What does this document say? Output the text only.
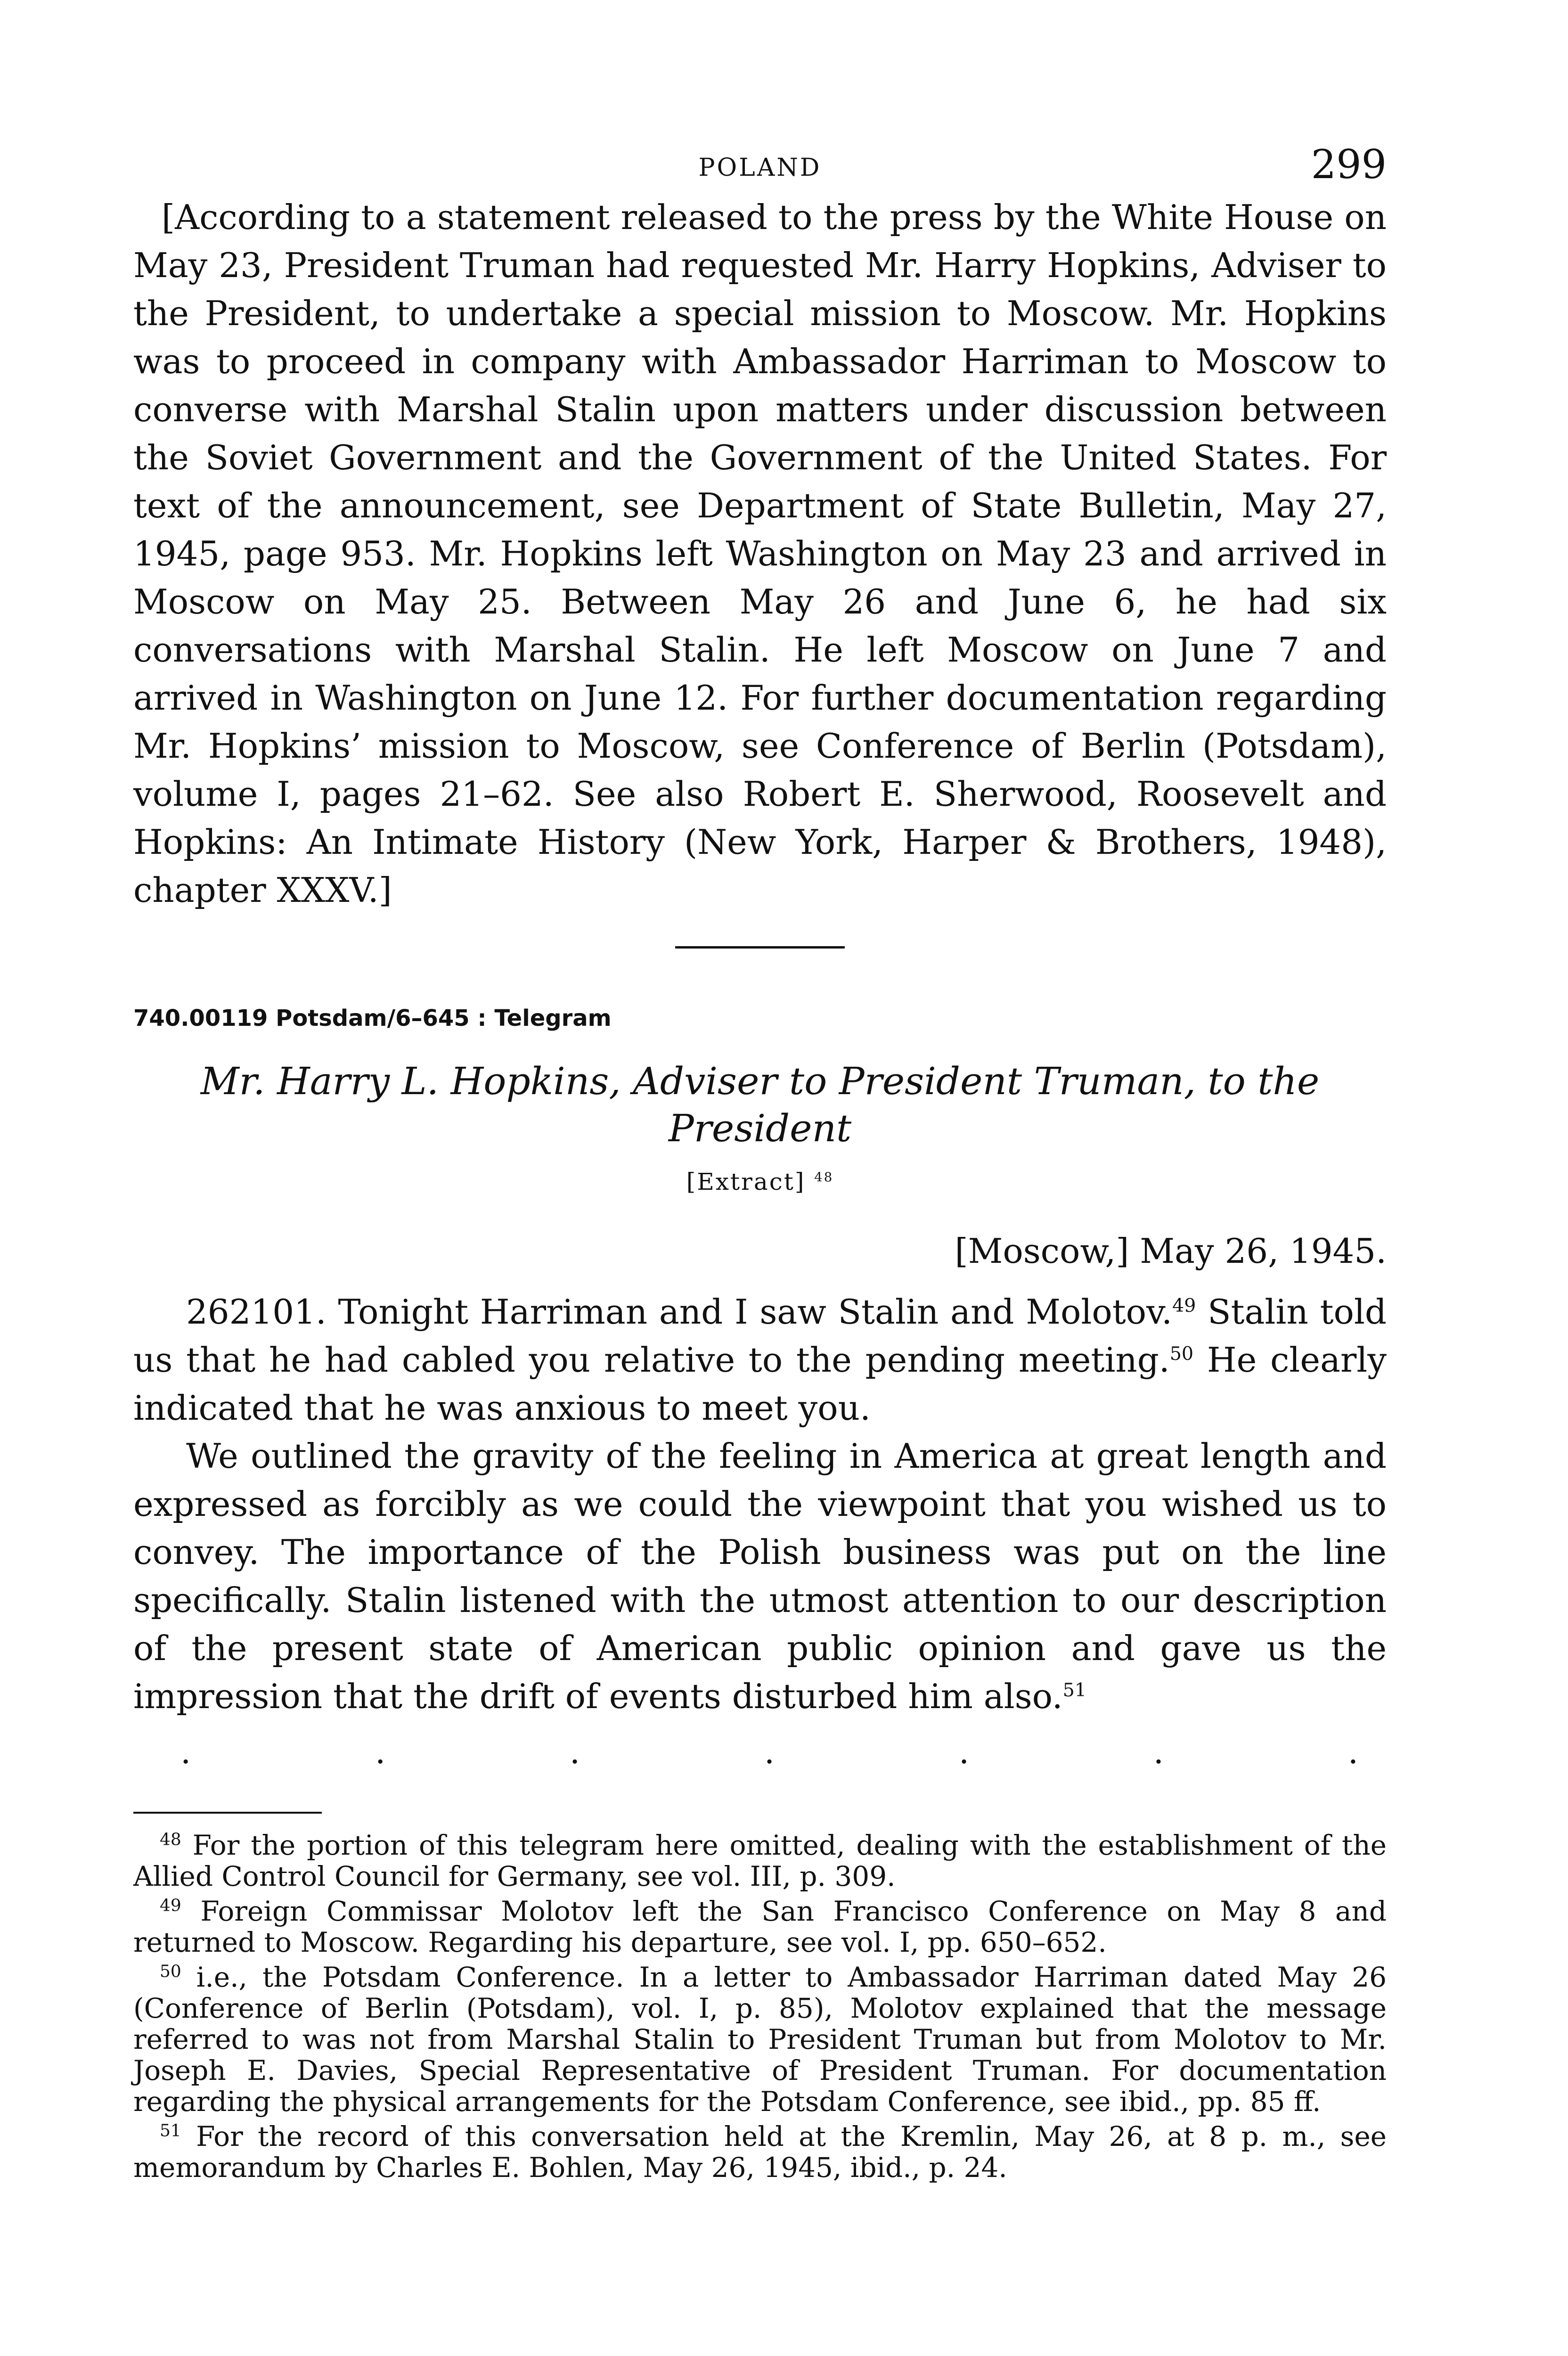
POLAND	299

[According to a statement released to the press by the White House on May 23, President Truman had requested Mr. Harry Hopkins, Adviser to the President, to undertake a special mission to Moscow. Mr. Hopkins was to proceed in company with Ambassador Harriman to Moscow to converse with Marshal Stalin upon matters under discussion between the Soviet Government and the Government of the United States. For text of the announcement, see Department of State Bulletin, May 27, 1945, page 953. Mr. Hopkins left Washington on May 23 and arrived in Moscow on May 25. Between May 26 and June 6, he had six conversations with Marshal Stalin. He left Moscow on June 7 and arrived in Washington on June 12. For further documentation regarding Mr. Hopkins’ mission to Moscow, see Conference of Berlin (Potsdam), volume I, pages 21–62. See also Robert E. Sherwood, Roosevelt and Hopkins: An Intimate History (New York, Harper & Brothers, 1948), chapter XXXV.]

740.00119 Potsdam/6–645 : Telegram

Mr. Harry L. Hopkins, Adviser to President Truman, to the President

[Extract] $^{48}$

[Moscow,] May 26, 1945.

262101. Tonight Harriman and I saw Stalin and Molotov.$^{49}$ Stalin told us that he had cabled you relative to the pending meeting.$^{50}$ He clearly indicated that he was anxious to meet you.

We outlined the gravity of the feeling in America at great length and expressed as forcibly as we could the viewpoint that you wished us to convey. The importance of the Polish business was put on the line specifically. Stalin listened with the utmost attention to our description of the present state of American public opinion and gave us the impression that the drift of events disturbed him also.$^{51}$

.	.	.	.	.	.	.

$^{48}$ For the portion of this telegram here omitted, dealing with the establishment of the Allied Control Council for Germany, see vol. III, p. 309.

$^{49}$ Foreign Commissar Molotov left the San Francisco Conference on May 8 and returned to Moscow. Regarding his departure, see vol. I, pp. 650–652.

$^{50}$ i.e., the Potsdam Conference. In a letter to Ambassador Harriman dated May 26 (Conference of Berlin (Potsdam), vol. I, p. 85), Molotov explained that the message referred to was not from Marshal Stalin to President Truman but from Molotov to Mr. Joseph E. Davies, Special Representative of President Truman. For documentation regarding the physical arrangements for the Potsdam Conference, see ibid., pp. 85 ff.

$^{51}$ For the record of this conversation held at the Kremlin, May 26, at 8 p. m., see memorandum by Charles E. Bohlen, May 26, 1945, ibid., p. 24.
